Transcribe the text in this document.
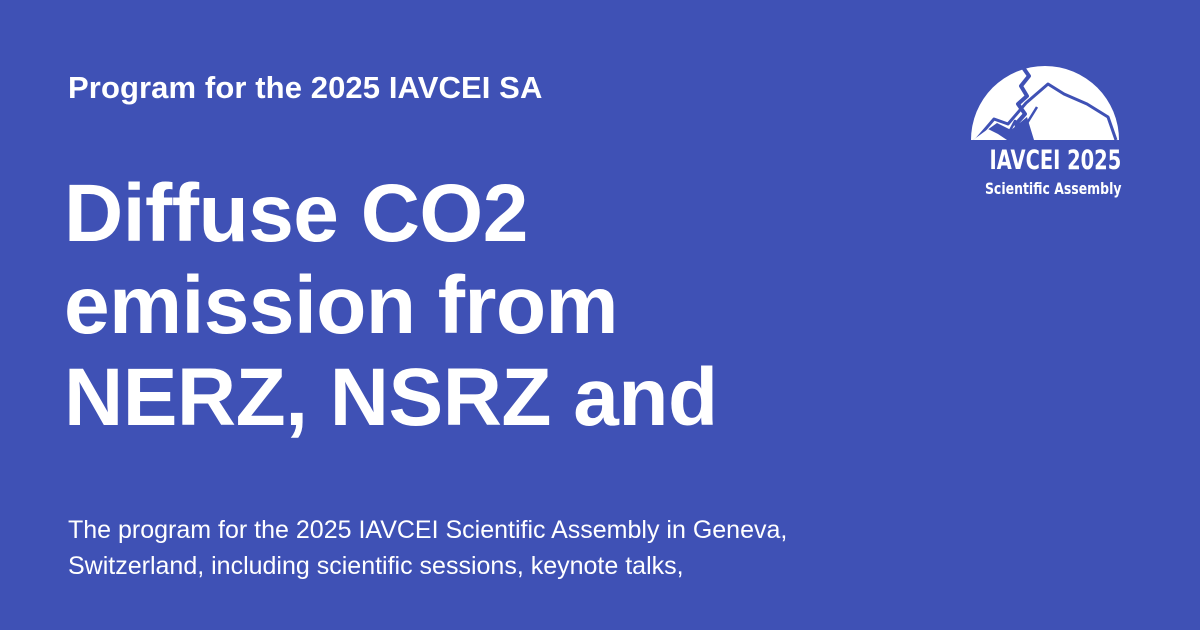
Program for the 2025 IAVCEI SA
Diffuse CO2
emission from
NERZ, NSRZ and
The program for the 2025 IAVCEI Scientific Assembly in Geneva,
Switzerland, including scientific sessions, keynote talks,
IAVCEI 2025
Scientific Assembly
